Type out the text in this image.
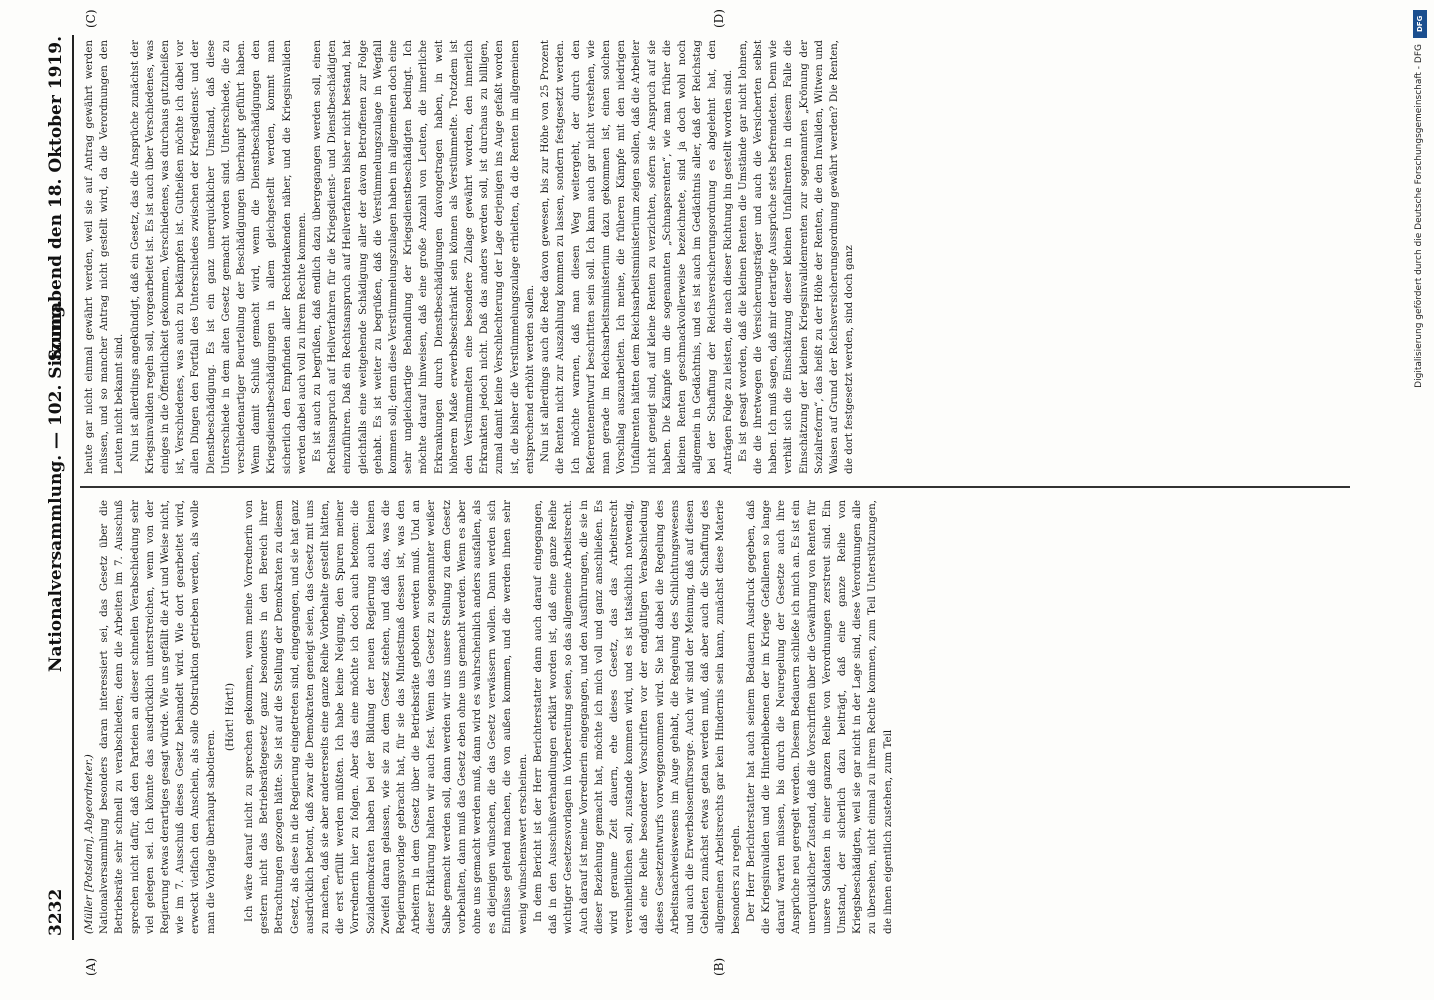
3232
Nationalversammlung. — 102. Sitzung.
Sonnabend den 18. Oktober 1919.
(A)	(B)
(C)	(D)

(Müller [Potsdam], Abgeordneter.) Nationalversammlung besonders daran interessiert sei, das Gesetz über die Betriebsräte sehr schnell zu verabschieden; denn die Arbeiten im 7. Ausschuß sprechen nicht dafür, daß den Parteien an dieser schnellen Verabschiedung sehr viel gelegen sei. Ich könnte das ausdrücklich unterstreichen, wenn von der Regierung etwas derartiges gesagt würde. Wie uns gefällt die Art und Weise nicht, wie im 7. Ausschuß dieses Gesetz behandelt wird. Wie dort gearbeitet wird, erweckt vielfach den Anschein, als solle Obstruktion getrieben werden, als wolle man die Vorlage überhaupt sabotieren.

(Hört! Hört!) Ich wäre darauf nicht zu sprechen gekommen, wenn meine Vorrednerin von gestern nicht das Betriebsrätegesetz ganz besonders in den Bereich ihrer Betrachtungen gezogen hätte. Sie ist auf die Stellung der Demokraten zu diesem Gesetz, als diese in die Regierung eingetreten sind, eingegangen, und sie hat ganz ausdrücklich betont, daß zwar die Demokraten geneigt seien, das Gesetz mit uns zu machen, daß sie aber andererseits eine ganze Reihe Vorbehalte gestellt hätten, die erst erfüllt werden müßten. Ich habe keine Neigung, den Spuren meiner Vorrednerin hier zu folgen. Aber das eine möchte ich doch auch betonen: die Sozialdemokraten haben bei der Bildung der neuen Regierung auch keinen Zweifel daran gelassen, wie sie zu dem Gesetz stehen, und daß das, was die Regierungsvorlage gebracht hat, für sie das Mindestmaß dessen ist, was den Arbeitern in dem Gesetz über die Betriebsräte geboten werden muß. Und an dieser Erklärung halten wir auch fest. Wenn das Gesetz zu sogenannter weißer Salbe gemacht werden soll, dann werden wir uns unsere Stellung zu dem Gesetz vorbehalten, dann muß das Gesetz eben ohne uns gemacht werden. Wenn es aber ohne uns gemacht werden muß, dann wird es wahrscheinlich anders ausfallen, als es diejenigen wünschen, die das Gesetz verwässern wollen. Dann werden sich Einflüsse geltend machen, die von außen kommen, und die werden ihnen sehr wenig wünschenswert erscheinen. In dem Bericht ist der Herr Berichterstatter dann auch darauf eingegangen, daß in den Ausschußverhandlungen erklärt worden ist, daß eine ganze Reihe wichtiger Gesetzesvorlagen in Vorbereitung seien, so das allgemeine Arbeitsrecht. Auch darauf ist meine Vorrednerin eingegangen, und den Ausführungen, die sie in dieser Beziehung gemacht hat, möchte ich mich voll und ganz anschließen. Es wird geraume Zeit dauern, ehe dieses Gesetz, das das Arbeitsrecht vereinheitlichen soll, zustande kommen wird, und es ist tatsächlich notwendig, daß eine Reihe besonderer Vorschriften vor der endgültigen Verabschiedung dieses Gesetzentwurfs vorweggenommen wird. Sie hat dabei die Regelung des Arbeitsnachweiswesens im Auge gehabt, die Regelung des Schlichtungswesens und auch die Erwerbslosenfürsorge. Auch wir sind der Meinung, daß auf diesen Gebieten zunächst etwas getan werden muß, daß aber auch die Schaffung des allgemeinen Arbeitsrechts gar kein Hindernis sein kann, zunächst diese Materie besonders zu regeln. Der Herr Berichterstatter hat auch seinem Bedauern Ausdruck gegeben, daß die Kriegsinvaliden und die Hinterbliebenen der im Kriege Gefallenen so lange darauf warten müssen, bis durch die Neuregelung der Gesetze auch ihre Ansprüche neu geregelt werden. Diesem Bedauern schließe ich mich an. Es ist ein unerquicklicher Zustand, daß die Vorschriften über die Gewährung von Renten für unsere Soldaten in einer ganzen Reihe von Verordnungen zerstreut sind. Ein Umstand, der sicherlich dazu beiträgt, daß eine ganze Reihe von Kriegsbeschädigten, weil sie gar nicht in der Lage sind, diese Verordnungen alle zu übersehen, nicht einmal zu ihrem Rechte kommen, zum Teil Unterstützungen, die ihnen eigentlich zustehen, zum Teil

heute gar nicht einmal gewährt werden, weil sie auf Antrag gewährt werden müssen, und so mancher Antrag nicht gestellt wird, da die Verordnungen den Leuten nicht bekannt sind. Nun ist allerdings angekündigt, daß ein Gesetz, das die Ansprüche zunächst der Kriegsinvaliden regeln soll, vorgearbeitet ist. Es ist auch über Verschiedenes, was einiges in die Öffentlichkeit gekommen, Verschiedenes, was durchaus gutzuheißen ist, Verschiedenes, was auch zu bekämpfen ist. Gutheißen möchte ich dabei vor allen Dingen den Fortfall des Unterschiedes zwischen der Kriegsdienst- und der Dienstbeschädigung. Es ist ein ganz unerquicklicher Umstand, daß diese Unterschiede in dem alten Gesetz gemacht worden sind. Unterschiede, die zu verschiedenartiger Beurteilung der Beschädigungen überhaupt geführt haben. Wenn damit Schluß gemacht wird, wenn die Dienstbeschädigungen den Kriegsdienstbeschädigungen in allem gleichgestellt werden, kommt man sicherlich den Empfinden aller Rechtdenkenden näher, und die Kriegsinvaliden werden dabei auch voll zu ihrem Rechte kommen. Es ist auch zu begrüßen, daß endlich dazu übergegangen werden soll, einen Rechtsanspruch auf Heilverfahren für die Kriegsdienst- und Dienstbeschädigten einzuführen. Daß ein Rechtsanspruch auf Heilverfahren bisher nicht bestand, hat gleichfalls eine weitgehende Schädigung aller der davon Betroffenen zur Folge gehabt. Es ist weiter zu begrüßen, daß die Verstümmelungszulage in Wegfall kommen soll; denn diese Verstümmelungszulagen haben im allgemeinen doch eine sehr ungleichartige Behandlung der Kriegsdienstbeschädigten bedingt. Ich möchte darauf hinweisen, daß eine große Anzahl von Leuten, die innerliche Erkrankungen durch Dienstbeschädigungen davongetragen haben, in weit höherem Maße erwerbsbeschränkt sein können als Verstümmelte. Trotzdem ist den Verstümmelten eine besondere Zulage gewährt worden, den innerlich Erkrankten jedoch nicht. Daß das anders werden soll, ist durchaus zu billigen, zumal damit keine Verschlechterung der Lage derjenigen ins Auge gefaßt worden ist, die bisher die Verstümmelungszulage erhielten, da die Renten im allgemeinen entsprechend erhöht werden sollen. Nun ist allerdings auch die Rede davon gewesen, bis zur Höhe von 25 Prozent die Renten nicht zur Auszahlung kommen zu lassen, sondern festgesetzt werden. Ich möchte warnen, daß man diesen Weg weitergeht, der durch den Referentenentwurf beschritten sein soll. Ich kann auch gar nicht verstehen, wie man gerade im Reichsarbeitsministerium dazu gekommen ist, einen solchen Vorschlag auszuarbeiten. Ich meine, die früheren Kämpfe mit den niedrigen Unfallrenten hätten dem Reichsarbeitsministerium zeigen sollen, daß die Arbeiter nicht geneigt sind, auf kleine Renten zu verzichten, sofern sie Anspruch auf sie haben. Die Kämpfe um die sogenannten „Schnapsrenten“, wie man früher die kleinen Renten geschmackvollerweise bezeichnete, sind ja doch wohl noch allgemein in Gedächtnis, und es ist auch im Gedächtnis aller, daß der Reichstag bei der Schaffung der Reichsversicherungsordnung es abgelehnt hat, den Anträgen Folge zu leisten, die nach dieser Richtung hin gestellt worden sind. Es ist gesagt worden, daß die kleinen Renten die Umstände gar nicht lohnen, die die ihretwegen die Versicherungsträger und auch die Versicherten selbst haben. Ich muß sagen, daß mir derartige Aussprüche stets befremdeten. Denn wie verhält sich die Einschätzung dieser kleinen Unfallrenten in diesem Falle die Einschätzung der kleinen Kriegsinvalidenrenten zur sogenannten „Krönung der Sozialreform“, das heißt zu der Höhe der Renten, die den Invaliden, Witwen und Waisen auf Grund der Reichsversicherungsordnung gewährt werden? Die Renten, die dort festgesetzt werden, sind doch ganz

DFG
Digitalisierung gefördert durch die Deutsche Forschungsgemeinschaft - DFG
